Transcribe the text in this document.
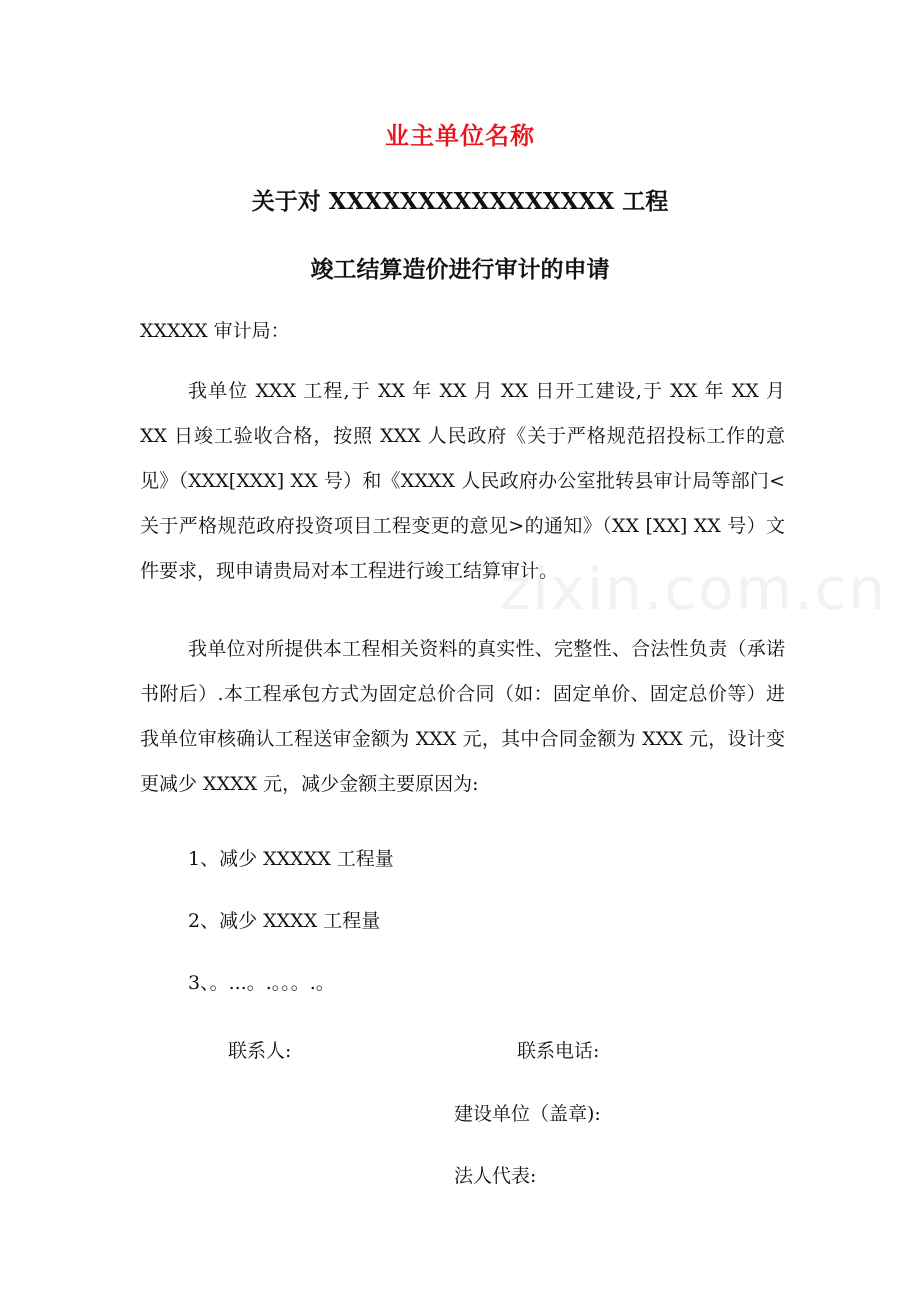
zixin.com.cn
业主单位名称
关于对 XXXXXXXXXXXXXXXX 工程
竣工结算造价进行审计的申请
XXXXX 审计局：

我单位 XXX 工程,于 XX 年 XX 月 XX 日开工建设,于 XX 年 XX 月 XX 日竣工验收合格，按照 XXX 人民政府《关于严格规范招投标工作的意见》（XXX[XXX] XX 号）和《XXXX 人民政府办公室批转县审计局等部门<关于严格规范政府投资项目工程变更的意见>的通知》（XX [XX] XX 号）文件要求，现申请贵局对本工程进行竣工结算审计。

我单位对所提供本工程相关资料的真实性、完整性、合法性负责（承诺书附后）.本工程承包方式为固定总价合同（如：固定单价、固定总价等）进我单位审核确认工程送审金额为 XXX 元，其中合同金额为 XXX 元，设计变更减少 XXXX 元，减少金额主要原因为:

1、减少 XXXXX 工程量
2、减少 XXXX 工程量
3、。...。.。。。.。
联系人:	联系电话:
建设单位（盖章):
法人代表:
